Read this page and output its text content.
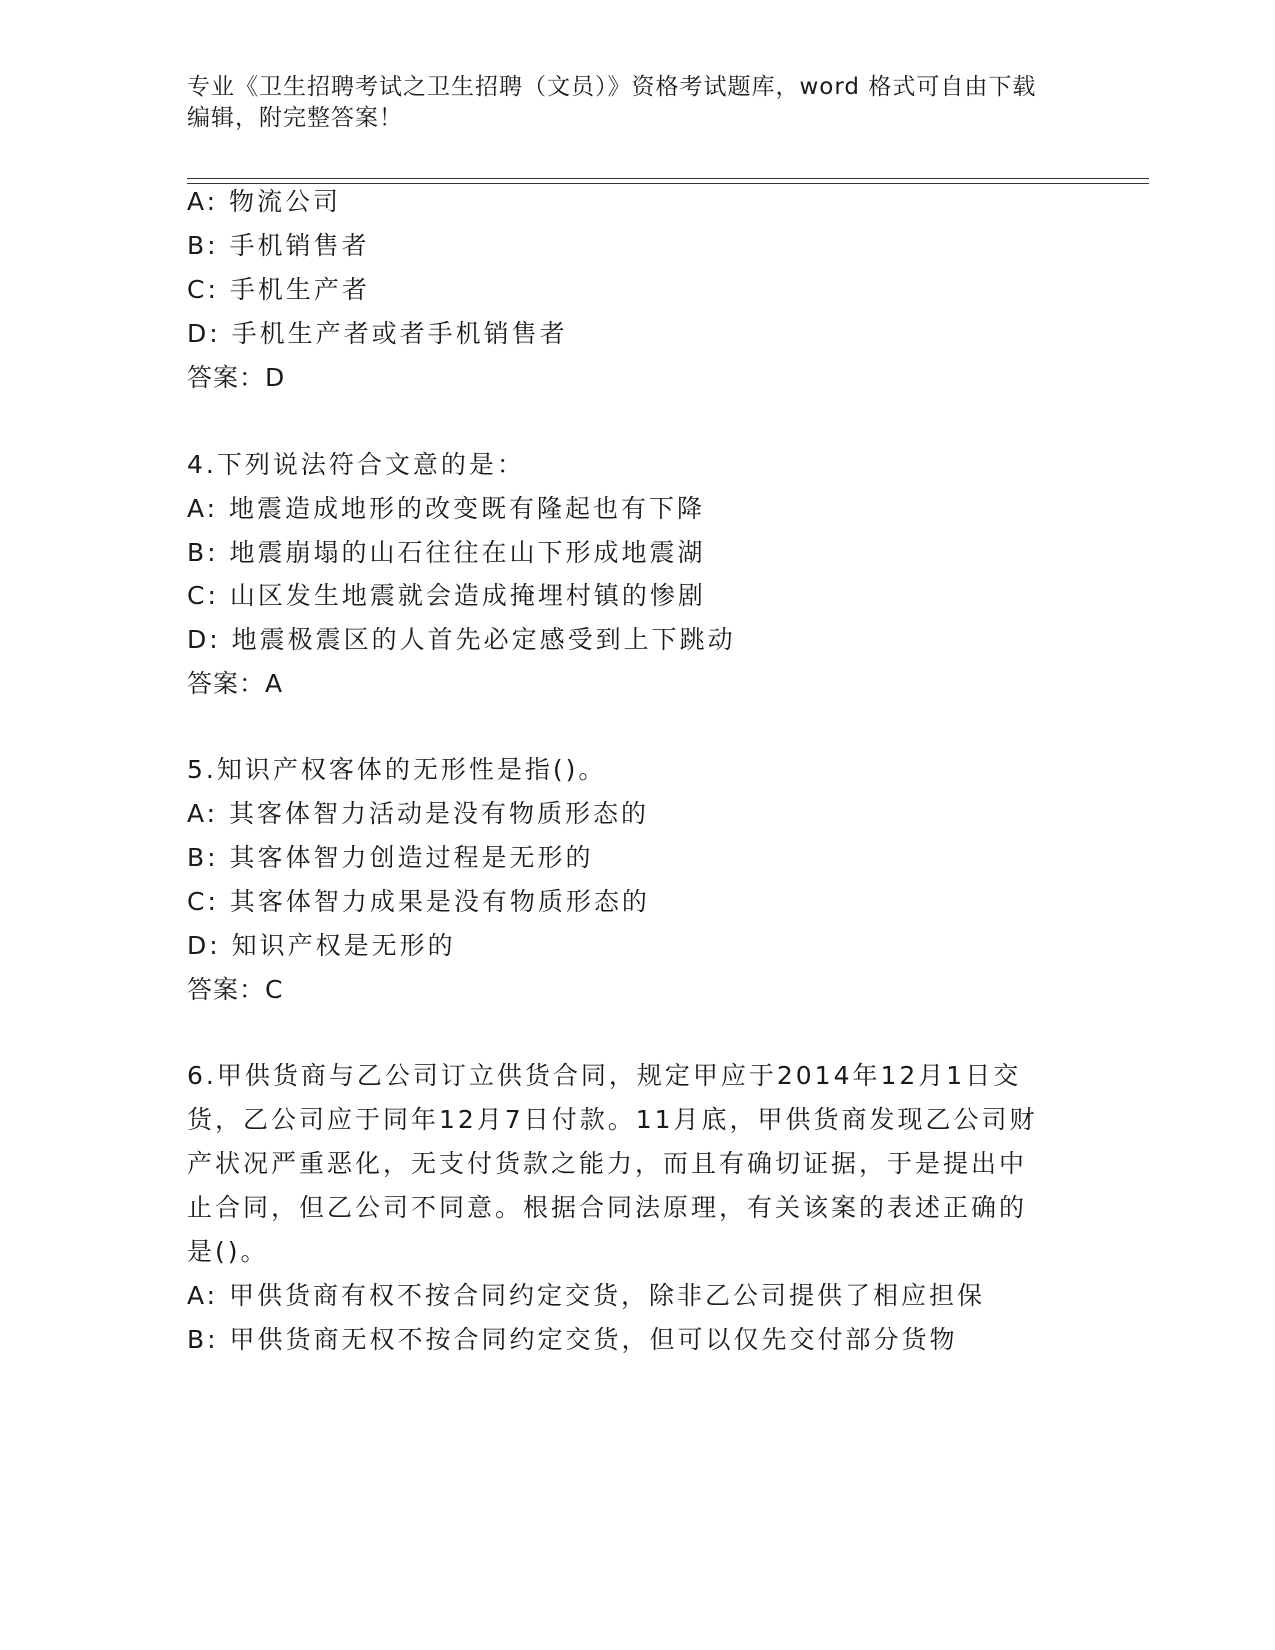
专业《卫生招聘考试之卫生招聘（文员）》资格考试题库，word 格式可自由下载
编辑，附完整答案！
A: 物流公司
B: 手机销售者
C: 手机生产者
D: 手机生产者或者手机销售者
答案：D
4.下列说法符合文意的是：
A: 地震造成地形的改变既有隆起也有下降
B: 地震崩塌的山石往往在山下形成地震湖
C: 山区发生地震就会造成掩埋村镇的惨剧
D: 地震极震区的人首先必定感受到上下跳动
答案：A
5.知识产权客体的无形性是指()。
A: 其客体智力活动是没有物质形态的
B: 其客体智力创造过程是无形的
C: 其客体智力成果是没有物质形态的
D: 知识产权是无形的
答案：C
6.甲供货商与乙公司订立供货合同，规定甲应于2014年12月1日交
货，乙公司应于同年12月7日付款。11月底，甲供货商发现乙公司财
产状况严重恶化，无支付货款之能力，而且有确切证据，于是提出中
止合同，但乙公司不同意。根据合同法原理，有关该案的表述正确的
是()。
A: 甲供货商有权不按合同约定交货，除非乙公司提供了相应担保
B: 甲供货商无权不按合同约定交货，但可以仅先交付部分货物
